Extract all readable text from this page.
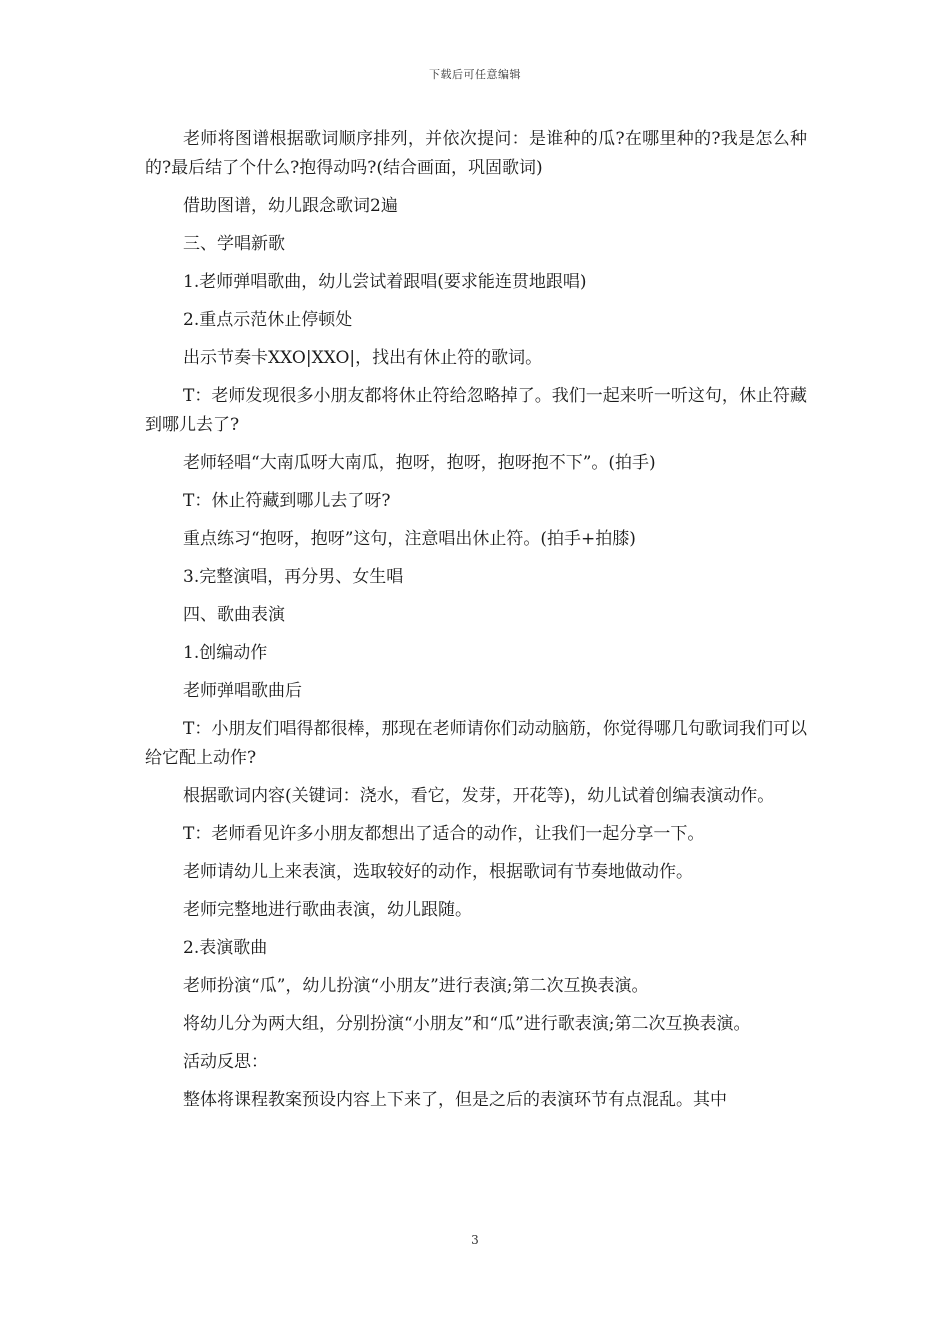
下载后可任意编辑

老师将图谱根据歌词顺序排列，并依次提问：是谁种的瓜?在哪里种的?我是怎么种的?最后结了个什么?抱得动吗?(结合画面，巩固歌词)

借助图谱，幼儿跟念歌词2遍

三、学唱新歌

1.老师弹唱歌曲，幼儿尝试着跟唱(要求能连贯地跟唱)

2.重点示范休止停顿处

出示节奏卡XXO|XXO|，找出有休止符的歌词。

T：老师发现很多小朋友都将休止符给忽略掉了。我们一起来听一听这句，休止符藏到哪儿去了?

老师轻唱“大南瓜呀大南瓜，抱呀，抱呀，抱呀抱不下”。(拍手)

T：休止符藏到哪儿去了呀?

重点练习“抱呀，抱呀”这句，注意唱出休止符。(拍手+拍膝)

3.完整演唱，再分男、女生唱

四、歌曲表演

1.创编动作

老师弹唱歌曲后

T：小朋友们唱得都很棒，那现在老师请你们动动脑筋，你觉得哪几句歌词我们可以给它配上动作?

根据歌词内容(关键词：浇水，看它，发芽，开花等)，幼儿试着创编表演动作。

T：老师看见许多小朋友都想出了适合的动作，让我们一起分享一下。

老师请幼儿上来表演，选取较好的动作，根据歌词有节奏地做动作。

老师完整地进行歌曲表演，幼儿跟随。

2.表演歌曲

老师扮演“瓜”，幼儿扮演“小朋友”进行表演;第二次互换表演。

将幼儿分为两大组，分别扮演“小朋友”和“瓜”进行歌表演;第二次互换表演。

活动反思：

整体将课程教案预设内容上下来了，但是之后的表演环节有点混乱。其中

3
